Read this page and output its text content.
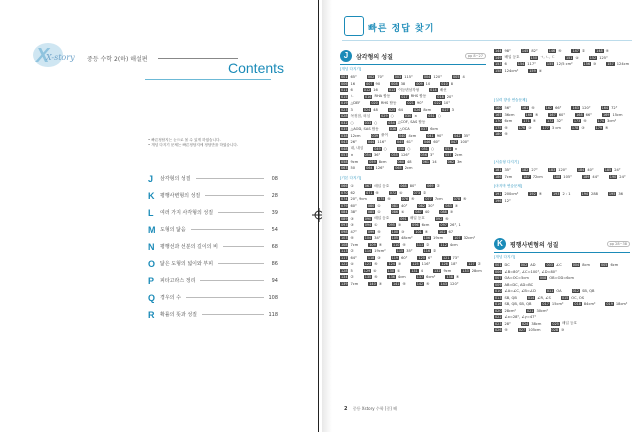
X
X-story 중등 수학 2(하) 해설편
Contents
• 빠른정답지는 눈으로 볼 수 있게 하였습니다.
• 개념 다지기 문제는 빠른정답지에 정답만을 하였습니다.
J	삼각형의 성질	08
K	평행사변형의 성질	28
L	여러 가지 사각형의 성질	39
M 도형의 닮음	54
N	평행선과 선분의 길이의 비	68
O 닮은 도형의 넓이와 부피	86
P	피타고라스 정리	94
Q 경우의 수	108
R	확률의 뜻과 성질	118
빠른 정답 찾기
J	삼각형의 성질	pp 8~27
[개념 다지기]
001 65°	002 70°	003 115°	004 120°	005 4
006 16	007 90	008 38	009 10	010 8
011 6	012 16	013 이등변삼각형	014 배선
015 ㄴ	016 RHA 합동	017 RHS 합동	018 20°
019 △DEF	020 RHS 합동	021 90°	022 10°
023 3	024 48	025 64	026 8cm	027 3
028 꼭짓점, 외심	029 ○	030 ×	031 ○
032 ○	033 ○	034 △COF, SAS 합동
035 △AOD, SAS 합동	036 △OCA	037 6cm
038 12cm	039 풀이	040 4cm	041 90°	042 35°
043 26°	044 116°	045 61°	046 60°	047 100°
048 내, 내심	049 ○	050 ○	051 ○	052 ×
053 ×	054 36°	055 126°	056 3°	057 2cm
058 9cm	059 8cm	060 48	061 14	062 3π
063 50	064 126°	065 2cm
[기본 다지기]
066 ①	067 매입 등호	068 80°	069 ②
070 62	071 ⑤	072 ④	073 ②
074 20°, 9cm	075 ⑤	076 ⑤	077 7cm	078 ⑤
079 60°	080 ①	081 40°	082 30°	083 ③
084 38°	085 ①	086 ④	087 40	088 ③
089 ③	090 매입 등호	091 매입 등호	092 ⑤
093 ③	094 ①	095 ③	096 6cm	097 26°, 1
098 47°	099 ⑤	100 ③	101 ⑤	102 67
103 ⑤	104 34°	105 48cm²	106 19cm	107 32cm²
108 7cm	109 ⑤	110 ⑤	111 ②	112 4cm
113 ②	114 19cm²	115 35°	116 ②
117 64°	118 ③	119 60°	120 6°	121 73°
122 ④	123 ⑤	124 ③	125 116°	126 18°	127 ②
128 5	129 ④	130 ①	131 4	132 9cm	133 28cm
134 ②	135 ⑤	136 4cm	137 6cm²	138 ⑤
139 7cm	140 ③	141 ⑤	142 ⑤	143 120°
144 98°	145 82°	146 ⑤	147 ②	148 ⑤
149 배입 등호	150 ㄱ, ㄴ, ㄷ	151 ④	152 125°
153 6	154 117°	155 12/5 cm²	156 ③	157 124cm
158 124cm²	159 ④
[실력 향상 연습문제]
160 56°	161 ⑤	162 66°	163 120°	164 72°
165 36cm	166 ⑤	167 60°	168 66°	169 15cm
170 6cm	171 ⑤	172 32°	173 ⑤	174 3cm²
175 ⑤	176 ③	177 3 cm	178 ③	179 ⑤
180 ⑤
[서술형 다지기]
181 35°	182 27°	183 120°	184 40°	185 24°
186 7cm	187 72cm	188 105°	189 44°	190 24°
[마지막 연습문제]
191 200cm²	192 ⑤	193 2 : 1	194 288	195 36
196 12°
K	평행사변형의 성질	pp 28~38
[개념 다지기]
001 DC	002 AD	003 ∠C	004 8cm	005 6cm
006 ∠B=80°, ∠C=100°, ∠D=80°
007 OA=OC=5cm	008 OB=OD=6cm
009 AB=DC, AD=BC
010 ∠A=∠C, ∠B=∠D	011 OA	012 SB, QB
013 SB, QB	014 ∠R, ∠S	015 OC, OS
016 SB, QB, SB, QB	017 15cm²	018 84cm²	019 18cm²
020 28cm²	021 30cm²
022 ∠x=28°, ∠y=47°
023 28°	024 38cm	025 매입 등호
026 ⑤	027 105cm	028 ③
2 중등 Xstory 수학 [중] 해
